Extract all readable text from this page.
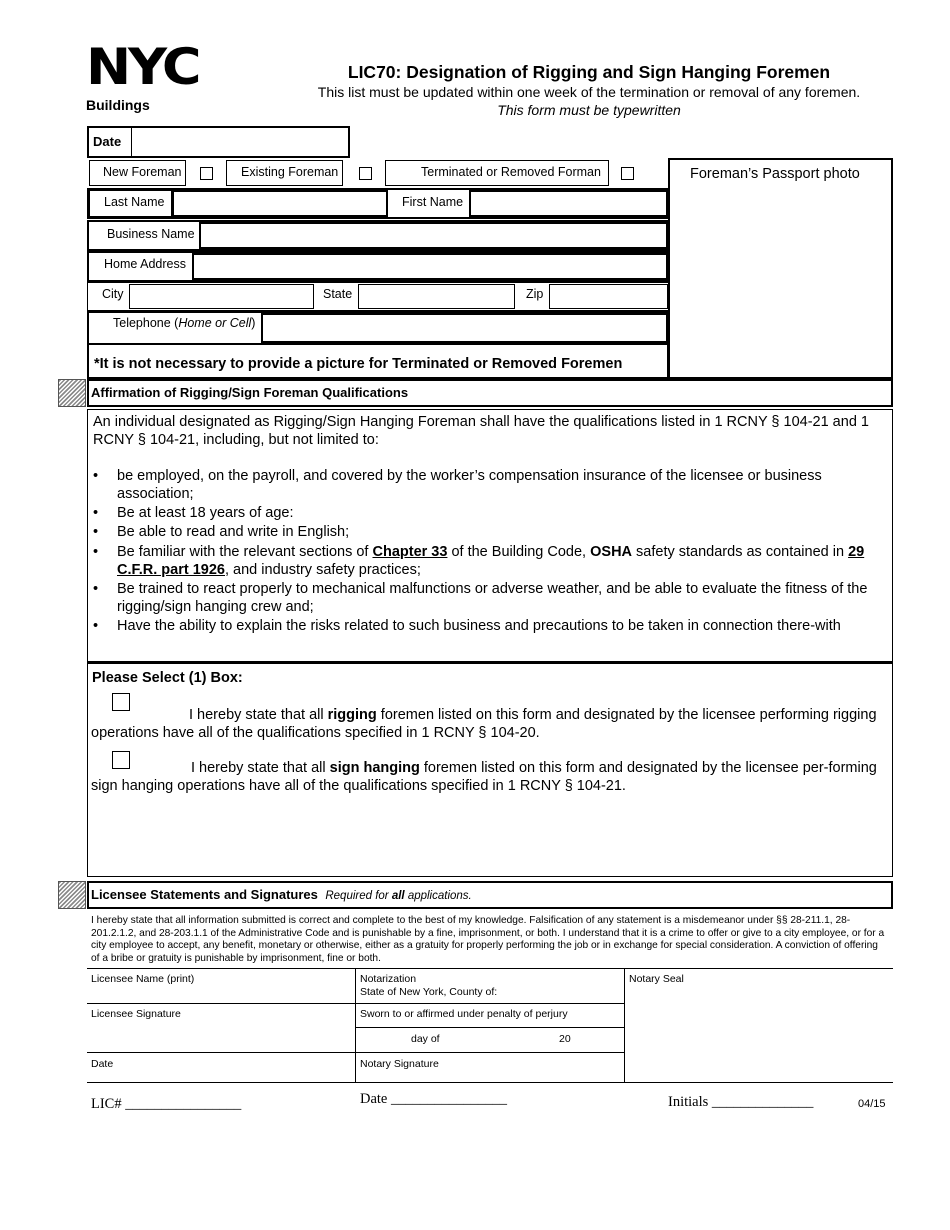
NYC
Buildings
LIC70: Designation of Rigging and Sign Hanging Foremen
This list must be updated within one week of the termination or removal of any foremen.
This form must be typewritten
Date
New Foreman	Existing Foreman	Terminated or Removed Forman	Foreman’s Passport photo
Last Name	First Name
Business Name
Home Address
City	State	Zip
Telephone (Home or Cell)
*It is not necessary to provide a picture for Terminated or Removed Foremen
Affirmation of Rigging/Sign Foreman Qualifications
An individual designated as Rigging/Sign Hanging Foreman shall have the qualifications listed in 1 RCNY § 104-21 and 1 RCNY § 104-21, including, but not limited to:
• be employed, on the payroll, and covered by the worker’s compensation insurance of the licensee or business association;
• Be at least 18 years of age:
• Be able to read and write in English;
• Be familiar with the relevant sections of Chapter 33 of the Building Code, OSHA safety standards as contained in 29 C.F.R. part 1926, and industry safety practices;
• Be trained to react properly to mechanical malfunctions or adverse weather, and be able to evaluate the fitness of the rigging/sign hanging crew and;
• Have the ability to explain the risks related to such business and precautions to be taken in connection there-with
Please Select (1) Box:
I hereby state that all rigging foremen listed on this form and designated by the licensee performing rigging operations have all of the qualifications specified in 1 RCNY § 104-20.
I hereby state that all sign hanging foremen listed on this form and designated by the licensee per-forming sign hanging operations have all of the qualifications specified in 1 RCNY § 104-21.
Licensee Statements and Signatures Required for all applications.
I hereby state that all information submitted is correct and complete to the best of my knowledge. Falsification of any statement is a misdemeanor under §§ 28-211.1, 28-201.2.1.2, and 28-203.1.1 of the Administrative Code and is punishable by a fine, imprisonment, or both. I understand that it is a crime to offer or give to a city employee, or for a city employee to accept, any benefit, monetary or otherwise, either as a gratuity for properly performing the job or in exchange for special consideration. A conviction of offering of a bribe or gratuity is punishable by imprisonment, fine or both.
Licensee Name (print)	Notarization
State of New York, County of:
Notary Seal
Licensee Signature	Sworn to or affirmed under penalty of perjury
day of	20
Date	Notary Signature
LIC# ________________	Date ________________	Initials ______________	04/15
